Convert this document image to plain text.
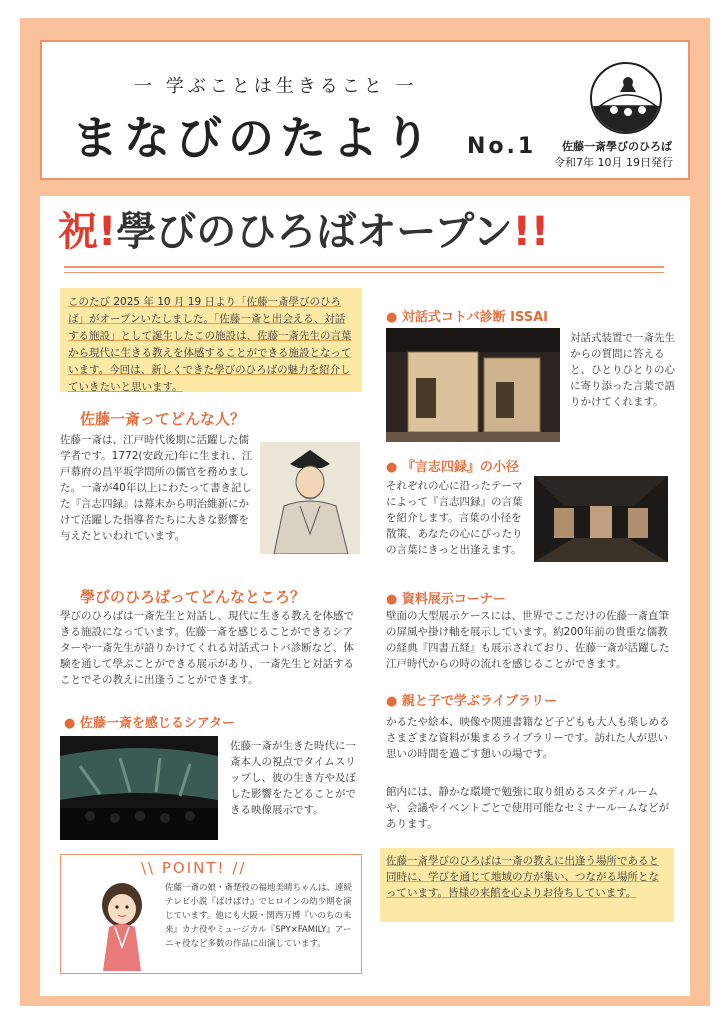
一 学ぶことは生きること 一
まなびのたより No.1 佐藤一斎學びのひろば
令和7年 10月 19日発行
祝!學びのひろばオープン!!
このたび 2025 年 10 月 19 日より「佐藤一斎學びのひろば」がオープンいたしました。「佐藤一斎と出会える、対話する施設」として誕生したこの施設は、佐藤一斎先生の言葉から現代に生きる教えを体感することができる施設となっています。今回は、新しくできた學びのひろばの魅力を紹介していきたいと思います。
佐藤一斎ってどんな人？
佐藤一斎は、江戸時代後期に活躍した儒学者です。1772(安政元)年に生まれ、江戸幕府の昌平坂学問所の儒官を務めました。一斎が40年以上にわたって書き記した『言志四録』は幕末から明治維新にかけて活躍した指導者たちに大きな影響を与えたといわれています。
學びのひろばってどんなところ？
學びのひろばは一斎先生と対話し、現代に生きる教えを体感できる施設になっています。佐藤一斎を感じることができるシアターや一斎先生が語りかけてくれる対話式コトバ診断など、体験を通して學ぶことができる展示があり、一斎先生と対話することでその教えに出逢うことができます。
● 佐藤一斎を感じるシアター
佐藤一斎が生きた時代に一斎本人の視点でタイムスリップし、彼の生き方や及ぼした影響をたどることができる映像展示です。
\\ POINT! //
佐藤一斎の娘・斎楚役の福地美晴ちゃんは、連続テレビ小説『ばけばけ』でヒロインの幼少期を演じています。他にも大阪・関西万博『いのちの未来』カナ役やミュージカル『SPY×FAMILY』アーニャ役など多数の作品に出演しています。
● 対話式コトバ診断 ISSAI
対話式装置で一斎先生からの質問に答えると、ひとりひとりの心に寄り添った言葉で語りかけてくれます。
● 『言志四録』の小径
それぞれの心に沿ったテーマによって『言志四録』の言葉を紹介します。言葉の小径を散策、あなたの心にぴったりの言葉にきっと出逢えます。
● 資料展示コーナー
壁面の大型展示ケースには、世界でここだけの佐藤一斎直筆の屏風や掛け軸を展示しています。約200年前の貴重な儒教の経典『四書五経』も展示されており、佐藤一斎が活躍した江戸時代からの時の流れを感じることができます。
● 親と子で学ぶライブラリー
かるたや絵本、映像や関連書籍など子どもも大人も楽しめるさまざまな資料が集まるライブラリーです。訪れた人が思い思いの時間を過ごす憩いの場です。
館内には、静かな環境で勉強に取り組めるスタディルームや、会議やイベントごとで使用可能なセミナールームなどがあります。
佐藤一斎學びのひろばは一斎の教えに出逢う場所であると同時に、学びを通じて地域の方が集い、つながる場所となっています。皆様の来館を心よりお待ちしています。
